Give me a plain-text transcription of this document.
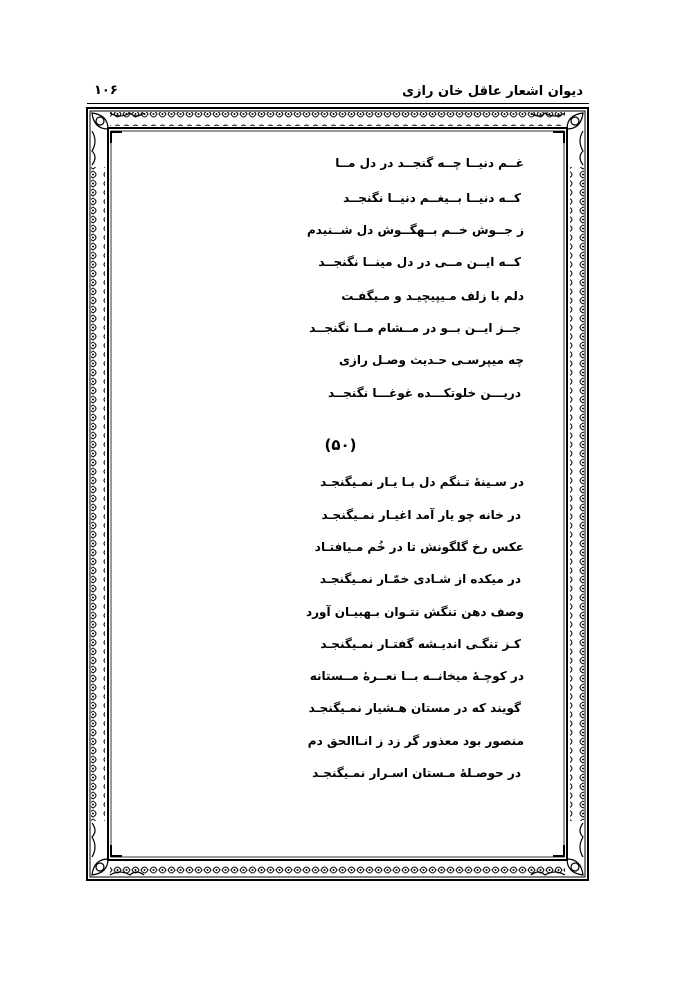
دیوان اشعار عاقل خان رازی
۱۰۶
غــم دنیــا چــه گنجــد در دل مــا
کــه دنیــا بــیغــم دنیــا نگنجــد
ز جــوش خــم بــهگــوش دل شــنیدم
کــه ایــن مــی در دل مینــا نگنجــد
دلم با زلف مـیپیچیـد و مـیگفـت
جــز ایــن بــو در مــشام مــا نگنجــد
چه میپرسـی حـدیث وصـل رازی
دریـــن خلوتکـــده غوغـــا نگنجــد
(۵۰)
در سـینهٔ تـنگم دل بـا یـار نمـیگنجـد
در خانه چو یار آمد اغیـار نمـیگنجـد
عکس رخ گلگونش تا در خُم مـیافتـاد
در میکده از شـادی خمّـار نمـیگنجـد
وصف دهن تنگش نتـوان بـهبیـان آورد
کـز تنگـی اندیـشه گفتـار نمـیگنجـد
در کوچـهٔ میخانــه بــا نعــرهٔ مــستانه
گویند که در مستان هـشیار نمـیگنجـد
منصور بود معذور گر زد ز انـاالحق دم
در حوصـلهٔ مـستان اسـرار نمـیگنجـد
